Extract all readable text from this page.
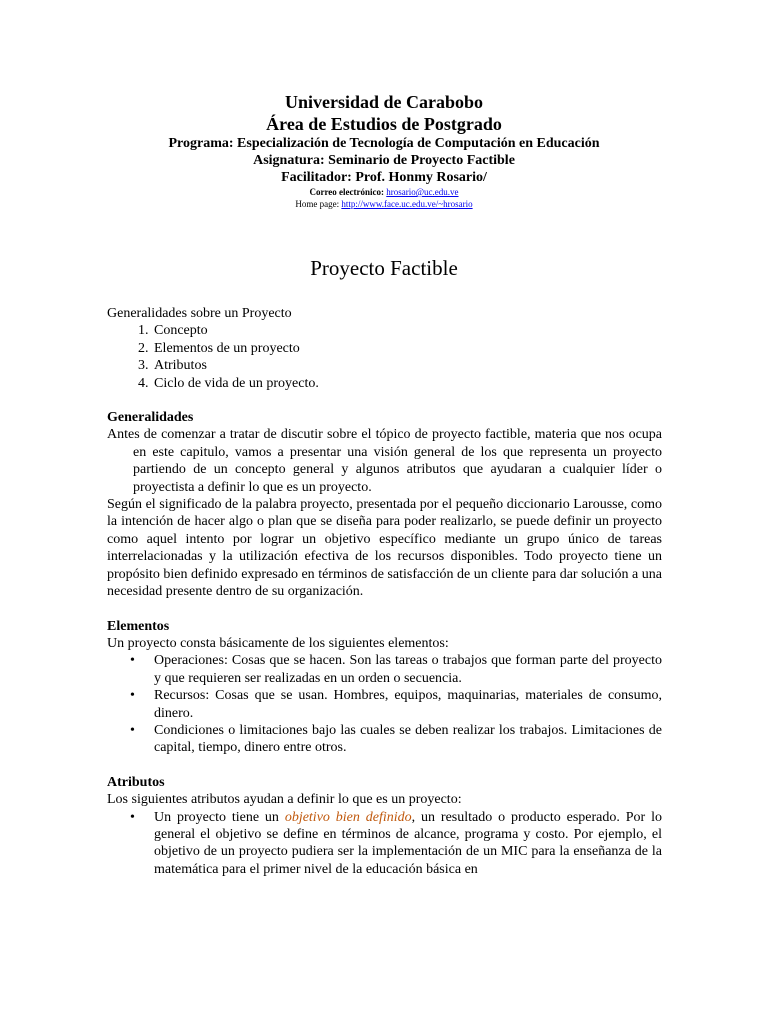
Universidad de Carabobo
Área de Estudios de Postgrado
Programa: Especialización de Tecnología de Computación en Educación
Asignatura: Seminario de Proyecto Factible
Facilitador: Prof. Honmy Rosario/
Correo electrónico: hrosario@uc.edu.ve
Home page: http://www.face.uc.edu.ve/~hrosario
Proyecto Factible

Generalidades sobre un Proyecto

1. Concepto
2. Elementos de un proyecto
3. Atributos
4. Ciclo de vida de un proyecto.

Generalidades

Antes de comenzar a tratar de discutir sobre el tópico de proyecto factible, materia que nos ocupa en este capitulo, vamos a presentar una visión general de los que representa un proyecto partiendo de un concepto general y algunos atributos que ayudaran a cualquier líder o proyectista a definir lo que es un proyecto.

Según el significado de la palabra proyecto, presentada por el pequeño diccionario Larousse, como la intención de hacer algo o plan que se diseña para poder realizarlo, se puede definir un proyecto como aquel intento por lograr un objetivo específico mediante un grupo único de tareas interrelacionadas y la utilización efectiva de los recursos disponibles. Todo proyecto tiene un propósito bien definido expresado en términos de satisfacción de un cliente para dar solución a una necesidad presente dentro de su organización.

Elementos

Un proyecto consta básicamente de los siguientes elementos:

• Operaciones: Cosas que se hacen. Son las tareas o trabajos que forman parte del proyecto y que requieren ser realizadas en un orden o secuencia.
• Recursos: Cosas que se usan. Hombres, equipos, maquinarias, materiales de consumo, dinero.
• Condiciones o limitaciones bajo las cuales se deben realizar los trabajos. Limitaciones de capital, tiempo, dinero entre otros.

Atributos

Los siguientes atributos ayudan a definir lo que es un proyecto:

• Un proyecto tiene un objetivo bien definido, un resultado o producto esperado. Por lo general el objetivo se define en términos de alcance, programa y costo. Por ejemplo, el objetivo de un proyecto pudiera ser la implementación de un MIC para la enseñanza de la matemática para el primer nivel de la educación básica en
